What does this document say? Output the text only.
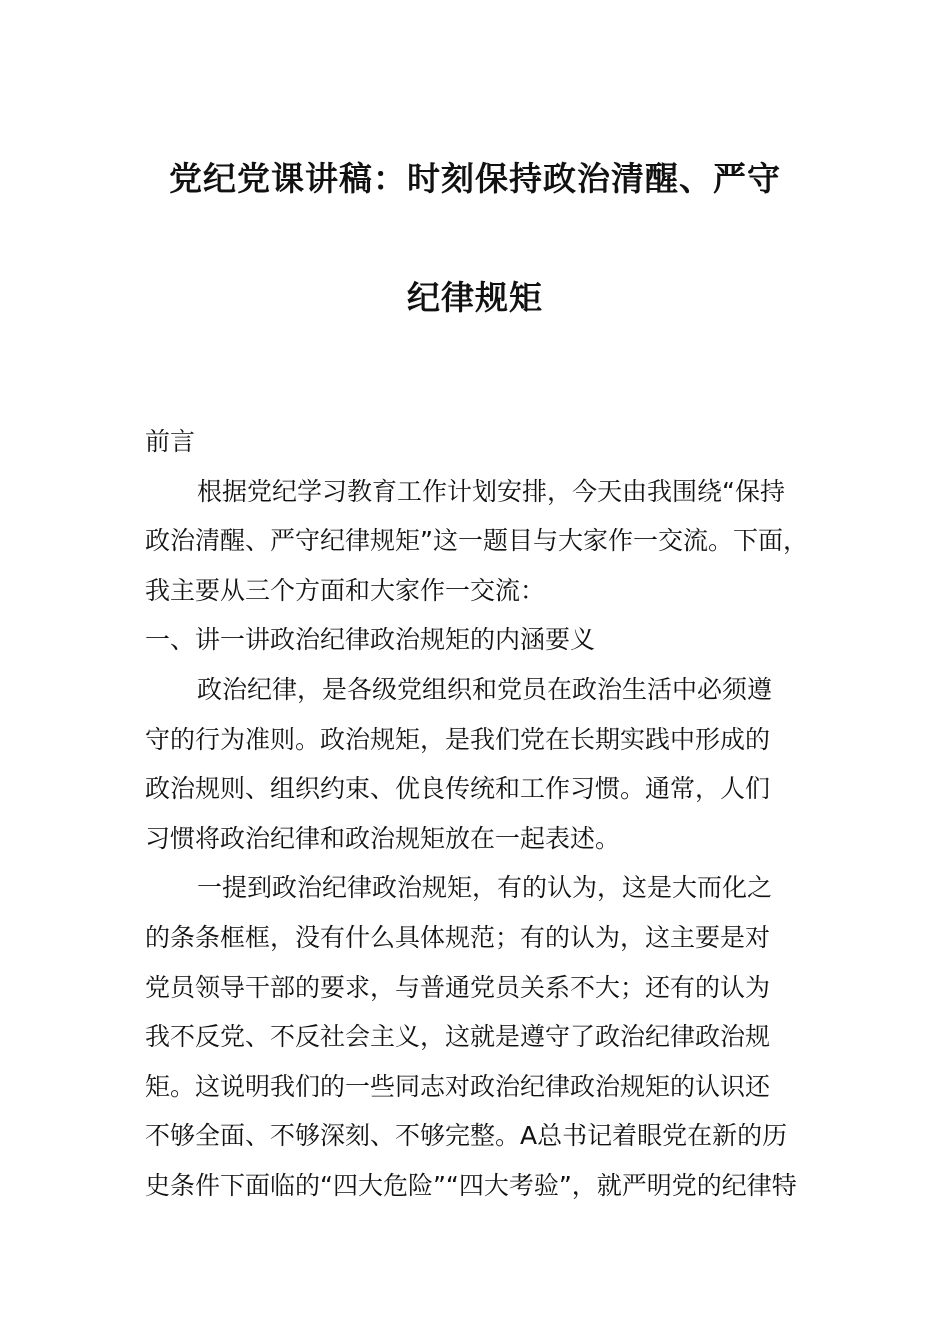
党纪党课讲稿：时刻保持政治清醒、严守
纪律规矩
前言
根据党纪学习教育工作计划安排，今天由我围绕“保持
政治清醒、严守纪律规矩”这一题目与大家作一交流。下面，
我主要从三个方面和大家作一交流：
一、讲一讲政治纪律政治规矩的内涵要义
政治纪律，是各级党组织和党员在政治生活中必须遵
守的行为准则。政治规矩，是我们党在长期实践中形成的
政治规则、组织约束、优良传统和工作习惯。通常，人们
习惯将政治纪律和政治规矩放在一起表述。
一提到政治纪律政治规矩，有的认为，这是大而化之
的条条框框，没有什么具体规范；有的认为，这主要是对
党员领导干部的要求，与普通党员关系不大；还有的认为
我不反党、不反社会主义，这就是遵守了政治纪律政治规
矩。这说明我们的一些同志对政治纪律政治规矩的认识还
不够全面、不够深刻、不够完整。A总书记着眼党在新的历
史条件下面临的“四大危险”“四大考验”，就严明党的纪律特
